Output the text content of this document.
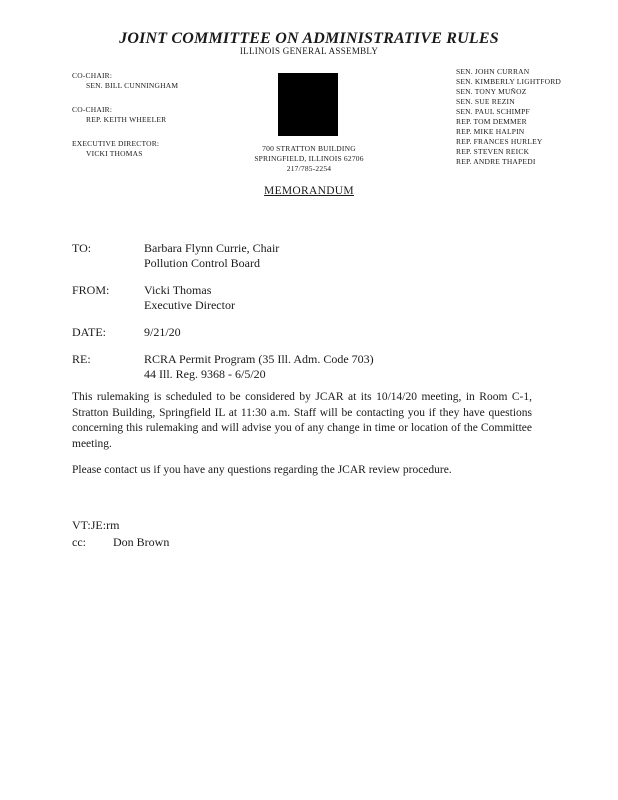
JOINT COMMITTEE ON ADMINISTRATIVE RULES
ILLINOIS GENERAL ASSEMBLY
CO-CHAIR:
SEN. BILL CUNNINGHAM
CO-CHAIR:
REP. KEITH WHEELER
EXECUTIVE DIRECTOR:
VICKI THOMAS
700 STRATTON BUILDING
SPRINGFIELD, ILLINOIS 62706
217/785-2254
SEN. JOHN CURRAN
SEN. KIMBERLY LIGHTFORD
SEN. TONY MUÑOZ
SEN. SUE REZIN
SEN. PAUL SCHIMPF
REP. TOM DEMMER
REP. MIKE HALPIN
REP. FRANCES HURLEY
REP. STEVEN REICK
REP. ANDRE THAPEDI
MEMORANDUM
TO:	Barbara Flynn Currie, Chair
Pollution Control Board
FROM:	Vicki Thomas
Executive Director
DATE:	9/21/20
RE:	RCRA Permit Program (35 Ill. Adm. Code 703)
44 Ill. Reg. 9368 - 6/5/20
This rulemaking is scheduled to be considered by JCAR at its 10/14/20 meeting, in Room C-1, Stratton Building, Springfield IL at 11:30 a.m. Staff will be contacting you if they have questions concerning this rulemaking and will advise you of any change in time or location of the Committee meeting.
Please contact us if you have any questions regarding the JCAR review procedure.
VT:JE:rm
cc: Don Brown
